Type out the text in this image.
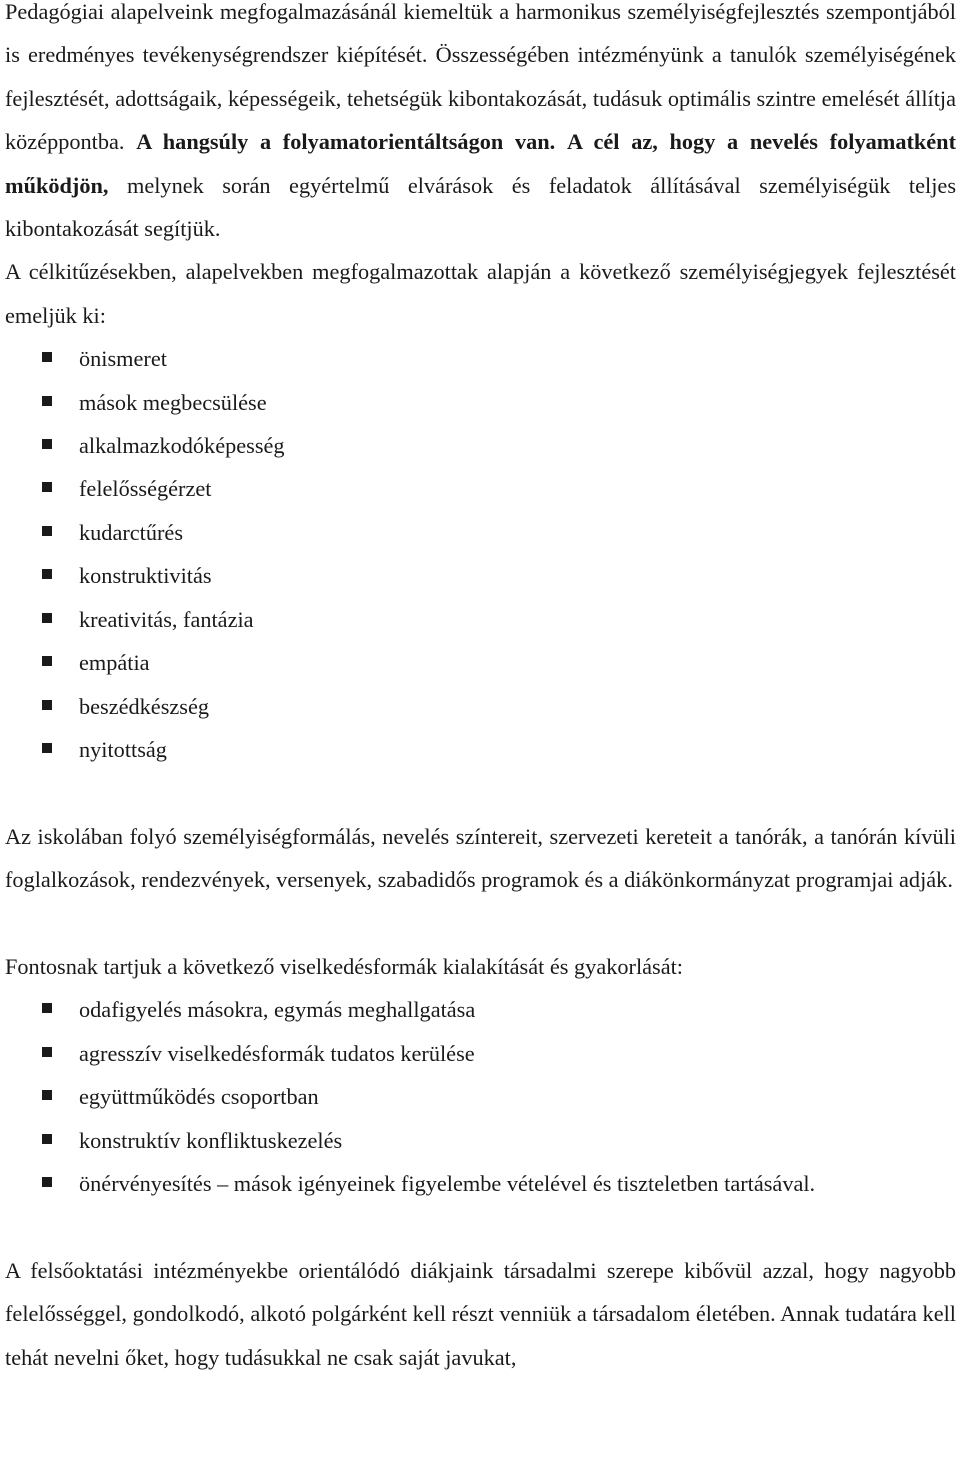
Pedagógiai alapelveink megfogalmazásánál kiemeltük a harmonikus személyiségfejlesztés szempontjából is eredményes tevékenységrendszer kiépítését. Összességében intézményünk a tanulók személyiségének fejlesztését, adottságaik, képességeik, tehetségük kibontakozását, tudásuk optimális szintre emelését állítja középpontba. A hangsúly a folyamatorientáltságon van. A cél az, hogy a nevelés folyamatként működjön, melynek során egyértelmű elvárások és feladatok állításával személyiségük teljes kibontakozását segítjük.

A célkitűzésekben, alapelvekben megfogalmazottak alapján a következő személyiségjegyek fejlesztését emeljük ki:

önismeret
mások megbecsülése
alkalmazkodóképesség
felelősségérzet
kudarctűrés
konstruktivitás
kreativitás, fantázia
empátia
beszédkészség
nyitottság

Az iskolában folyó személyiségformálás, nevelés színtereit, szervezeti kereteit a tanórák, a tanórán kívüli foglalkozások, rendezvények, versenyek, szabadidős programok és a diákönkormányzat programjai adják.

Fontosnak tartjuk a következő viselkedésformák kialakítását és gyakorlását:

odafigyelés másokra, egymás meghallgatása
agresszív viselkedésformák tudatos kerülése
együttműködés csoportban
konstruktív konfliktuskezelés
önérvényesítés – mások igényeinek figyelembe vételével és tiszteletben tartásával.

A felsőoktatási intézményekbe orientálódó diákjaink társadalmi szerepe kibővül azzal, hogy nagyobb felelősséggel, gondolkodó, alkotó polgárként kell részt venniük a társadalom életében. Annak tudatára kell tehát nevelni őket, hogy tudásukkal ne csak saját javukat,
